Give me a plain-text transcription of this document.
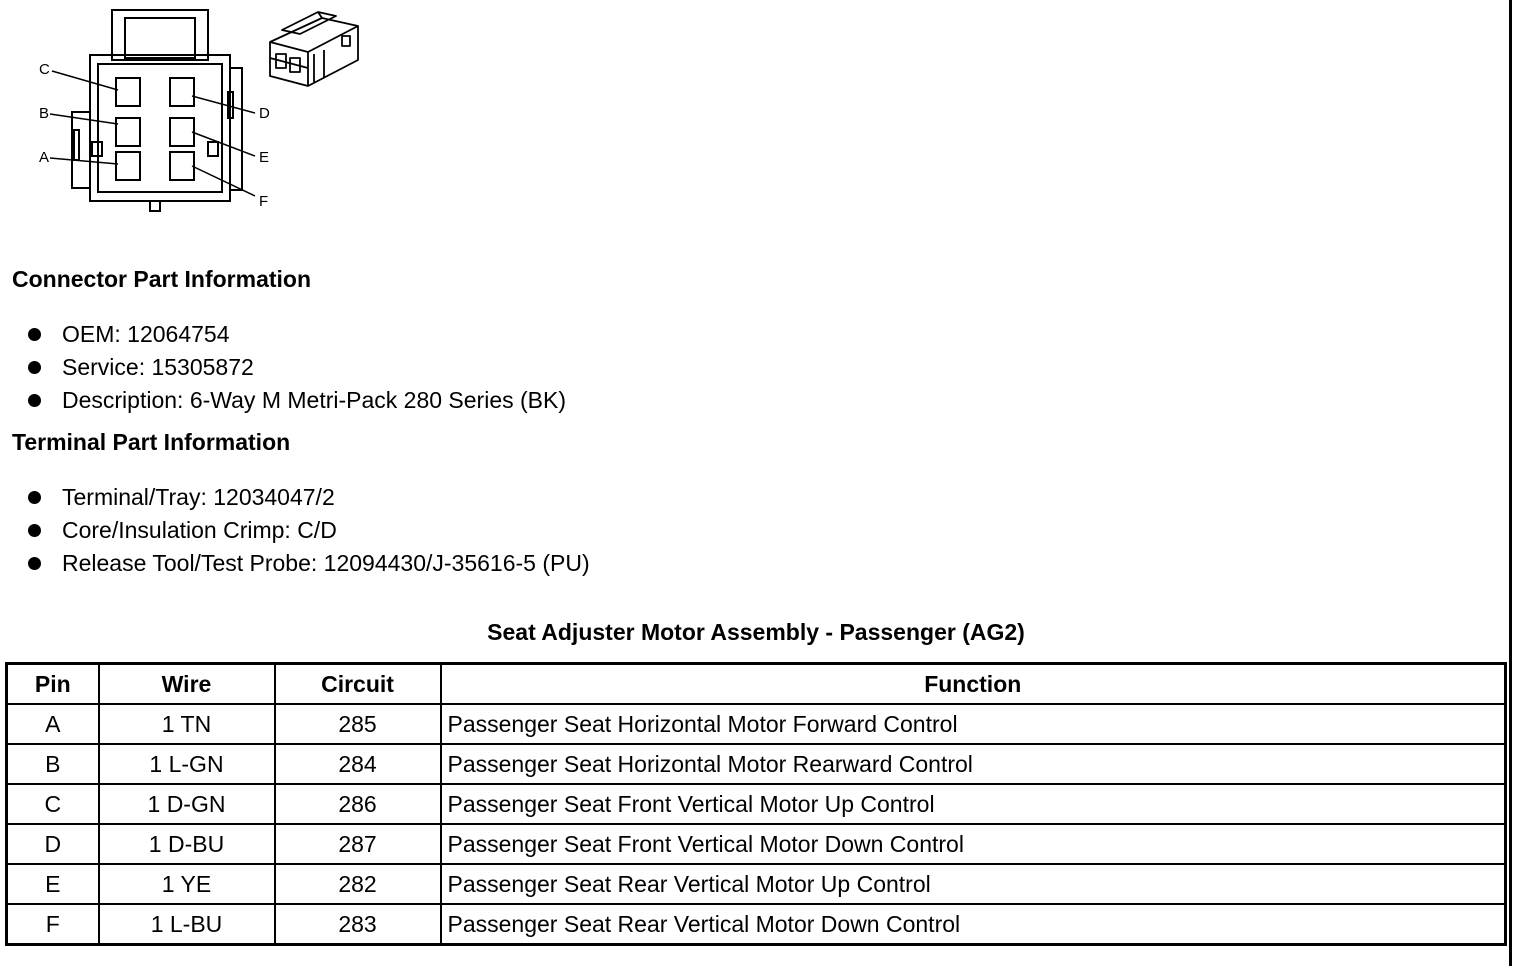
C
B
A
D
E
F
Connector Part Information
OEM: 12064754
Service: 15305872
Description: 6-Way M Metri-Pack 280 Series (BK)
Terminal Part Information
Terminal/Tray: 12034047/2
Core/Insulation Crimp: C/D
Release Tool/Test Probe: 12094430/J-35616-5 (PU)
Seat Adjuster Motor Assembly - Passenger (AG2)
Pin	Wire	Circuit	Function
A	1 TN	285	Passenger Seat Horizontal Motor Forward Control
B	1 L-GN	284	Passenger Seat Horizontal Motor Rearward Control
C	1 D-GN	286	Passenger Seat Front Vertical Motor Up Control
D	1 D-BU	287	Passenger Seat Front Vertical Motor Down Control
E	1 YE	282	Passenger Seat Rear Vertical Motor Up Control
F	1 L-BU	283	Passenger Seat Rear Vertical Motor Down Control
